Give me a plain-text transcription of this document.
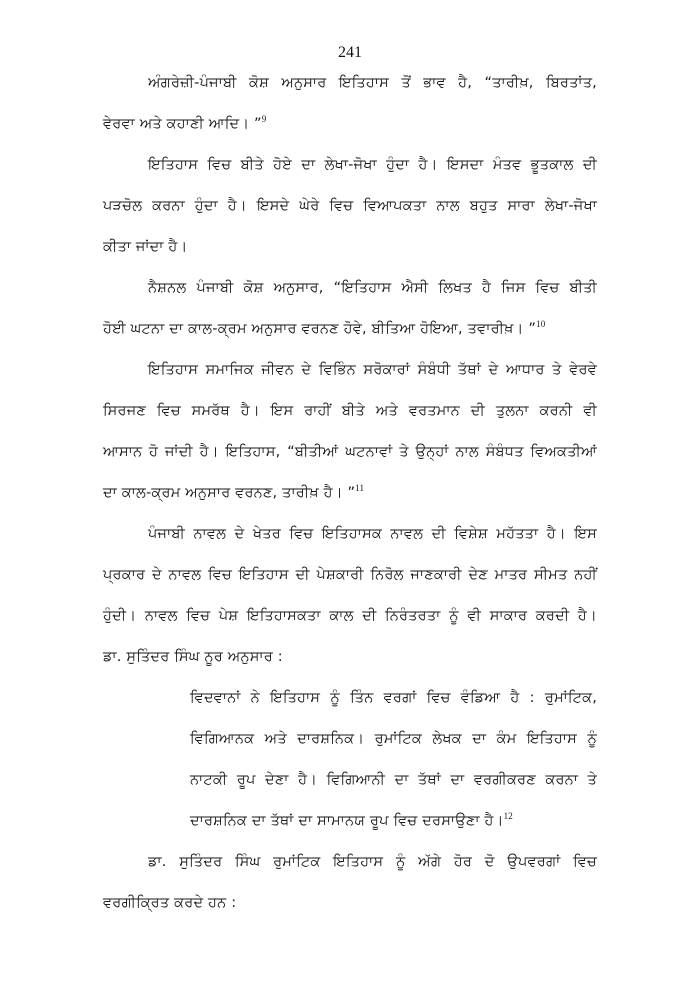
241
ਅੰਗਰੇਜ਼ੀ-ਪੰਜਾਬੀ ਕੋਸ਼ ਅਨੁਸਾਰ ਇਤਿਹਾਸ ਤੋਂ ਭਾਵ ਹੈ, “ਤਾਰੀਖ਼, ਬਿਰਤਾਂਤ,
ਵੇਰਵਾ ਅਤੇ ਕਹਾਣੀ ਆਦਿ। ”$^9$
ਇਤਿਹਾਸ ਵਿਚ ਬੀਤੇ ਹੋਏ ਦਾ ਲੇਖਾ-ਜੋਖਾ ਹੁੰਦਾ ਹੈ। ਇਸਦਾ ਮੰਤਵ ਭੂਤਕਾਲ ਦੀ
ਪੜਚੋਲ ਕਰਨਾ ਹੁੰਦਾ ਹੈ। ਇਸਦੇ ਘੇਰੇ ਵਿਚ ਵਿਆਪਕਤਾ ਨਾਲ ਬਹੁਤ ਸਾਰਾ ਲੇਖਾ-ਜੋਖਾ
ਕੀਤਾ ਜਾਂਦਾ ਹੈ।
ਨੈਸ਼ਨਲ ਪੰਜਾਬੀ ਕੋਸ਼ ਅਨੁਸਾਰ, “ਇਤਿਹਾਸ ਐਸੀ ਲਿਖਤ ਹੈ ਜਿਸ ਵਿਚ ਬੀਤੀ
ਹੋਈ ਘਟਨਾ ਦਾ ਕਾਲ-ਕ੍ਰਮ ਅਨੁਸਾਰ ਵਰਨਣ ਹੋਵੇ, ਬੀਤਿਆ ਹੋਇਆ, ਤਵਾਰੀਖ਼। ”$^{10}$
ਇਤਿਹਾਸ ਸਮਾਜਿਕ ਜੀਵਨ ਦੇ ਵਿਭਿੰਨ ਸਰੋਕਾਰਾਂ ਸੰਬੰਧੀ ਤੱਥਾਂ ਦੇ ਆਧਾਰ ਤੇ ਵੇਰਵੇ
ਸਿਰਜਣ ਵਿਚ ਸਮਰੱਥ ਹੈ। ਇਸ ਰਾਹੀਂ ਬੀਤੇ ਅਤੇ ਵਰਤਮਾਨ ਦੀ ਤੁਲਨਾ ਕਰਨੀ ਵੀ
ਆਸਾਨ ਹੋ ਜਾਂਦੀ ਹੈ। ਇਤਿਹਾਸ, “ਬੀਤੀਆਂ ਘਟਨਾਵਾਂ ਤੇ ਉਨ੍ਹਾਂ ਨਾਲ ਸੰਬੰਧਤ ਵਿਅਕਤੀਆਂ
ਦਾ ਕਾਲ-ਕ੍ਰਮ ਅਨੁਸਾਰ ਵਰਨਣ, ਤਾਰੀਖ਼ ਹੈ। ”$^{11}$
ਪੰਜਾਬੀ ਨਾਵਲ ਦੇ ਖੇਤਰ ਵਿਚ ਇਤਿਹਾਸਕ ਨਾਵਲ ਦੀ ਵਿਸ਼ੇਸ਼ ਮਹੱਤਤਾ ਹੈ। ਇਸ
ਪ੍ਰਕਾਰ ਦੇ ਨਾਵਲ ਵਿਚ ਇਤਿਹਾਸ ਦੀ ਪੇਸ਼ਕਾਰੀ ਨਿਰੋਲ ਜਾਣਕਾਰੀ ਦੇਣ ਮਾਤਰ ਸੀਮਤ ਨਹੀਂ
ਹੁੰਦੀ। ਨਾਵਲ ਵਿਚ ਪੇਸ਼ ਇਤਿਹਾਸਕਤਾ ਕਾਲ ਦੀ ਨਿਰੰਤਰਤਾ ਨੂੰ ਵੀ ਸਾਕਾਰ ਕਰਦੀ ਹੈ।
ਡਾ. ਸੁਤਿੰਦਰ ਸਿੰਘ ਨੂਰ ਅਨੁਸਾਰ :
ਵਿਦਵਾਨਾਂ ਨੇ ਇਤਿਹਾਸ ਨੂੰ ਤਿੰਨ ਵਰਗਾਂ ਵਿਚ ਵੰਡਿਆ ਹੈ : ਰੁਮਾਂਟਿਕ,
ਵਿਗਿਆਨਕ ਅਤੇ ਦਾਰਸ਼ਨਿਕ। ਰੁਮਾਂਟਿਕ ਲੇਖਕ ਦਾ ਕੰਮ ਇਤਿਹਾਸ ਨੂੰ
ਨਾਟਕੀ ਰੂਪ ਦੇਣਾ ਹੈ। ਵਿਗਿਆਨੀ ਦਾ ਤੱਥਾਂ ਦਾ ਵਰਗੀਕਰਣ ਕਰਨਾ ਤੇ
ਦਾਰਸ਼ਨਿਕ ਦਾ ਤੱਥਾਂ ਦਾ ਸਾਮਾਨਯ ਰੂਪ ਵਿਚ ਦਰਸਾਉਣਾ ਹੈ।$^{12}$
ਡਾ. ਸੁਤਿੰਦਰ ਸਿੰਘ ਰੁਮਾਂਟਿਕ ਇਤਿਹਾਸ ਨੂੰ ਅੱਗੇ ਹੋਰ ਦੋ ਉਪਵਰਗਾਂ ਵਿਚ
ਵਰਗੀਕ੍ਰਿਤ ਕਰਦੇ ਹਨ :
